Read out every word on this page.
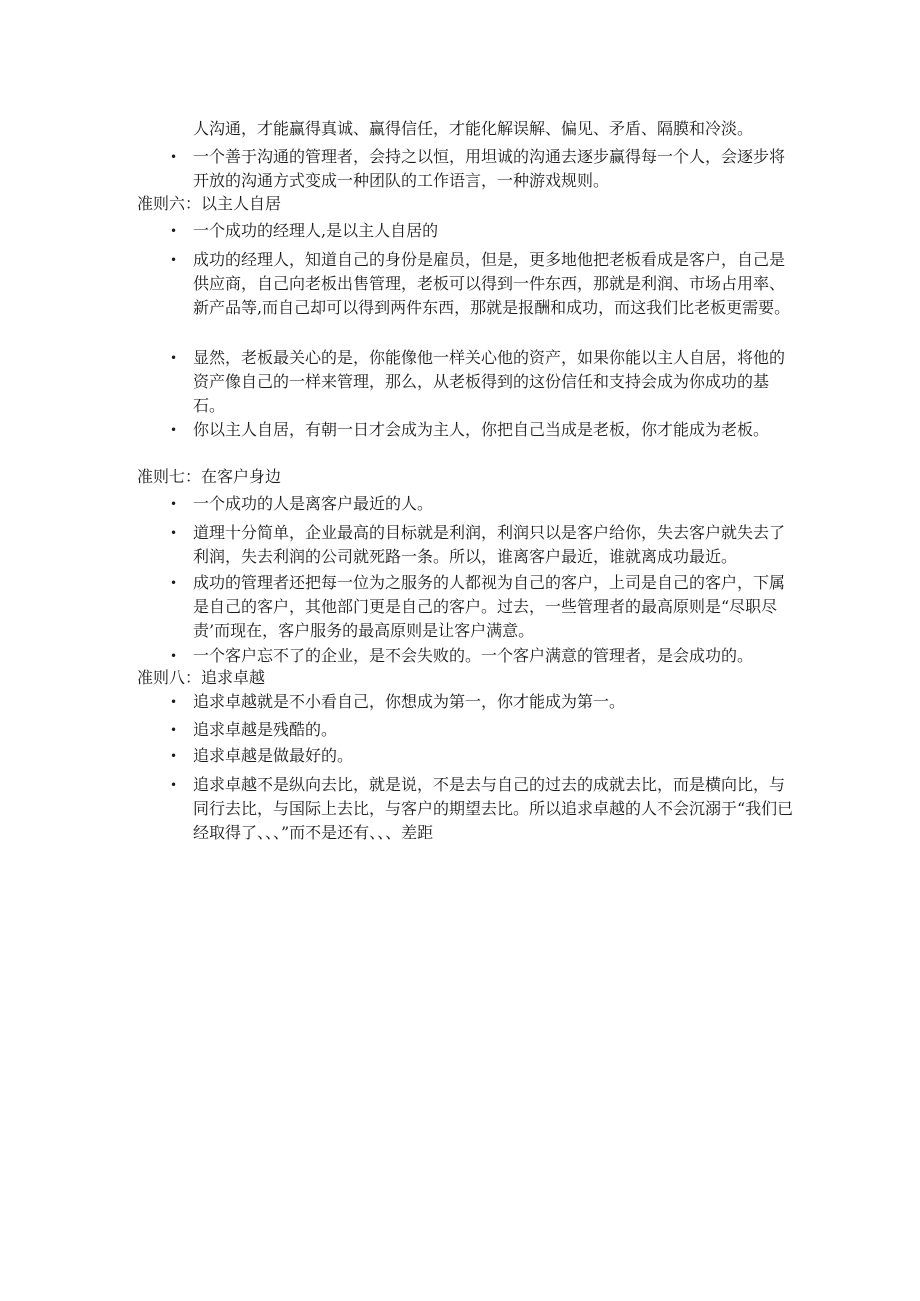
人沟通，才能赢得真诚、赢得信任，才能化解误解、偏见、矛盾、隔膜和冷淡。
• 一个善于沟通的管理者，会持之以恒，用坦诚的沟通去逐步赢得每一个人，会逐步将开放的沟通方式变成一种团队的工作语言，一种游戏规则。
准则六：以主人自居
• 一个成功的经理人,是以主人自居的
• 成功的经理人，知道自己的身份是雇员，但是，更多地他把老板看成是客户，自己是供应商，自己向老板出售管理，老板可以得到一件东西，那就是利润、市场占用率、新产品等,而自己却可以得到两件东西，那就是报酬和成功，而这我们比老板更需要。
• 显然，老板最关心的是，你能像他一样关心他的资产，如果你能以主人自居，将他的资产像自己的一样来管理，那么，从老板得到的这份信任和支持会成为你成功的基石。
• 你以主人自居，有朝一日才会成为主人，你把自己当成是老板，你才能成为老板。
准则七：在客户身边
• 一个成功的人是离客户最近的人。
• 道理十分简单，企业最高的目标就是利润，利润只以是客户给你，失去客户就失去了利润，失去利润的公司就死路一条。所以，谁离客户最近，谁就离成功最近。
• 成功的管理者还把每一位为之服务的人都视为自己的客户，上司是自己的客户，下属是自己的客户，其他部门更是自己的客户。过去，一些管理者的最高原则是“尽职尽责’而现在，客户服务的最高原则是让客户满意。
• 一个客户忘不了的企业，是不会失败的。一个客户满意的管理者，是会成功的。
准则八：追求卓越
• 追求卓越就是不小看自己，你想成为第一，你才能成为第一。
• 追求卓越是残酷的。
• 追求卓越是做最好的。
• 追求卓越不是纵向去比，就是说，不是去与自己的过去的成就去比，而是横向比，与同行去比，与国际上去比，与客户的期望去比。所以追求卓越的人不会沉溺于“我们已经取得了、、、”而不是还有、、、差距
